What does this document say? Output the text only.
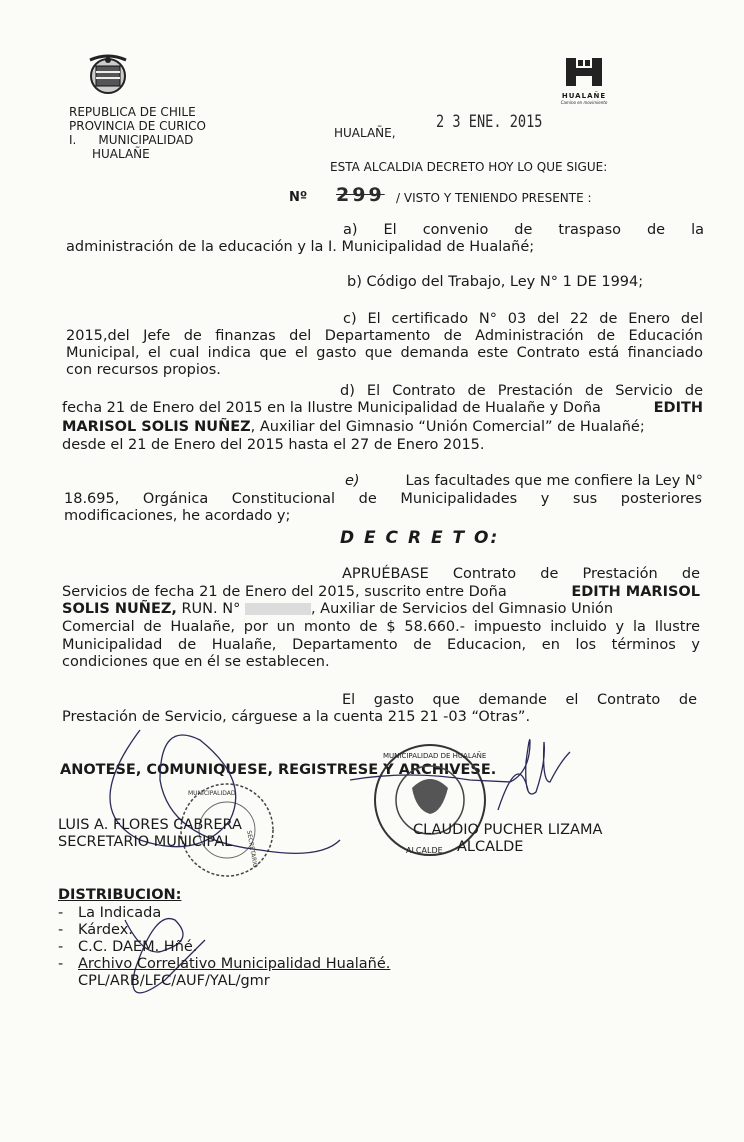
REPUBLICA DE CHILE
PROVINCIA DE CURICO
I. MUNICIPALIDAD
HUALAÑE
HUALAÑE
Camino en movimiento
HUALAÑE,
2 3 ENE. 2015
ESTA ALCALDIA DECRETO HOY LO QUE SIGUE:
Nº 299 / VISTO Y TENIENDO PRESENTE :
a) El convenio de traspaso de la
administración de la educación y la I. Municipalidad de Hualañé;
b) Código del Trabajo, Ley N° 1 DE 1994;
c) El certificado N° 03 del 22 de Enero del
2015,del Jefe de finanzas del Departamento de Administración de Educación
Municipal, el cual indica que el gasto que demanda este Contrato está financiado
con recursos propios.
d) El Contrato de Prestación de Servicio de
fecha 21 de Enero del 2015 en la Ilustre Municipalidad de Hualañe y Doña	EDITH
MARISOL SOLIS NUÑEZ, Auxiliar del Gimnasio “Unión Comercial” de Hualañé;
desde el 21 de Enero del 2015 hasta el 27 de Enero 2015.
e)	Las facultades que me confiere la Ley N°
18.695, Orgánica Constitucional de Municipalidades y sus posteriores
modificaciones, he acordado y;
D E C R E T O:
APRUÉBASE Contrato de Prestación de
Servicios de fecha 21 de Enero del 2015, suscrito entre Doña	EDITH MARISOL
SOLIS NUÑEZ, RUN. N°	, Auxiliar de Servicios del Gimnasio Unión
Comercial de Hualañe, por un monto de $ 58.660.- impuesto incluido y la Ilustre
Municipalidad de Hualañe, Departamento de Educacion, en los términos y
condiciones que en él se establecen.
El gasto que demande el Contrato de
Prestación de Servicio, cárguese a la cuenta 215 21 -03 “Otras”.
ANOTESE, COMUNIQUESE, REGISTRESE Y ARCHIVESE.
MUNICIPALIDAD
SECRETARIO
MUNICIPALIDAD DE HUALAÑE
ALCALDE
LUIS A. FLORES CABRERA
SECRETARIO MUNICIPAL
CLAUDIO PUCHER LIZAMA
ALCALDE
DISTRIBUCION:
- La Indicada
- Kárdex.
- C.C. DAEM. Hñé.
- Archivo Correlativo Municipalidad Hualañé.
CPL/ARB/LFC/AUF/YAL/gmr
